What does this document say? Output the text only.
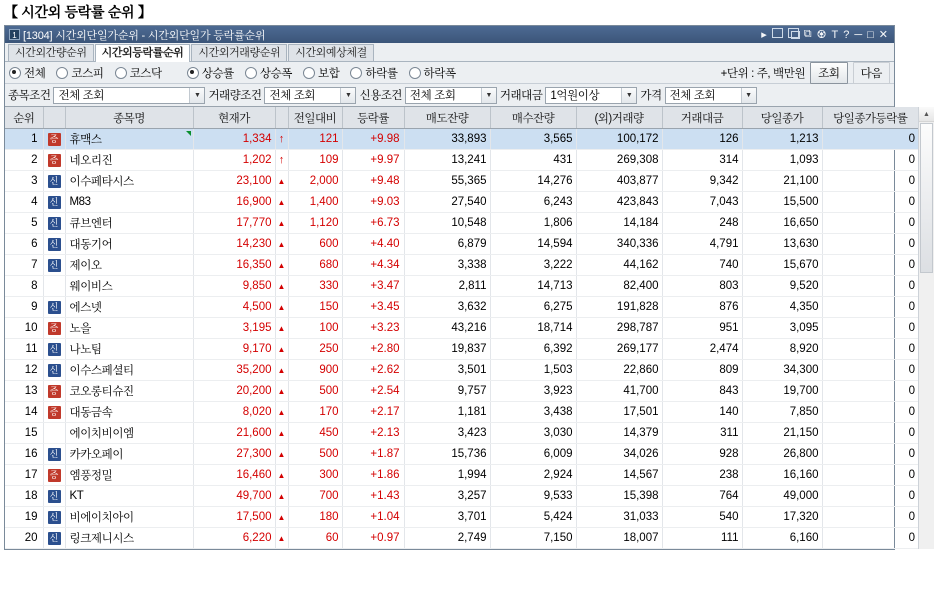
【 시간외 등락률 순위 】
1 [1304] 시간외단일가순위 - 시간외단일가 등락률순위	▸	⧉ ♼ T ? ─ □ ✕
시간외간량순위	시간외등락률순위	시간외거래량순위	시간외예상체결
전체 코스피 코스닥	상승률 상승폭 보합 하락률 하락폭	+단위 : 주, 백만원	조회	다음
종목조건 전체 조회	▼ 거래량조건 전체 조회	▼ 신용조건 전체 조회	▼ 거래대금 1억원이상	▼ 가격 전체 조회	▼
순위		종목명	현재가		전일대비	등락률	매도잔량	매수잔량	(외)거래량	거래대금	당일종가	당일종가등락률
1	증	휴맥스	1,334	↑	121	+9.98	33,893	3,565	100,172	126	1,213	0
2	증	네오리진	1,202	↑	109	+9.97	13,241	431	269,308	314	1,093	0
3	신	이수페타시스	23,100	▲	2,000	+9.48	55,365	14,276	403,877	9,342	21,100	0
4	신	M83	16,900	▲	1,400	+9.03	27,540	6,243	423,843	7,043	15,500	0
5	신	큐브엔터	17,770	▲	1,120	+6.73	10,548	1,806	14,184	248	16,650	0
6	신	대동기어	14,230	▲	600	+4.40	6,879	14,594	340,336	4,791	13,630	0
7	신	제이오	16,350	▲	680	+4.34	3,338	3,222	44,162	740	15,670	0
8		웨이비스	9,850	▲	330	+3.47	2,811	14,713	82,400	803	9,520	0
9	신	에스넷	4,500	▲	150	+3.45	3,632	6,275	191,828	876	4,350	0
10	증	노을	3,195	▲	100	+3.23	43,216	18,714	298,787	951	3,095	0
11	신	나노팀	9,170	▲	250	+2.80	19,837	6,392	269,177	2,474	8,920	0
12	신	이수스페셜티	35,200	▲	900	+2.62	3,501	1,503	22,860	809	34,300	0
13	증	코오롱티슈진	20,200	▲	500	+2.54	9,757	3,923	41,700	843	19,700	0
14	증	대동금속	8,020	▲	170	+2.17	1,181	3,438	17,501	140	7,850	0
15		에이치비이엠	21,600	▲	450	+2.13	3,423	3,030	14,379	311	21,150	0
16	신	카카오페이	27,300	▲	500	+1.87	15,736	6,009	34,026	928	26,800	0
17	증	엠풍정밀	16,460	▲	300	+1.86	1,994	2,924	14,567	238	16,160	0
18	신	KT	49,700	▲	700	+1.43	3,257	9,533	15,398	764	49,000	0
19	신	비에이치아이	17,500	▲	180	+1.04	3,701	5,424	31,033	540	17,320	0
20	신	링크제니시스	6,220	▲	60	+0.97	2,749	7,150	18,007	111	6,160	0
▲
